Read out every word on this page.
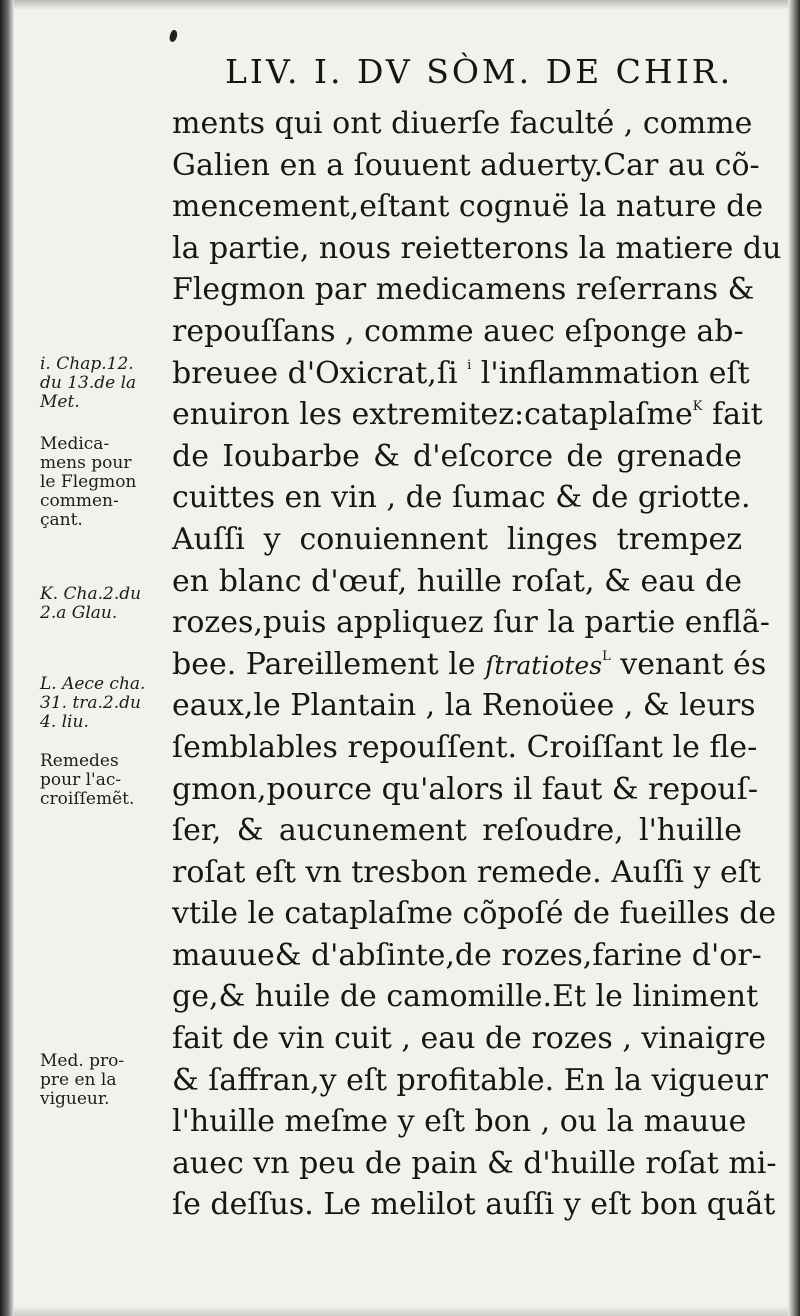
LIV. I. DV SÒM. DE CHIR.
ments qui ont diuerſe faculté , comme
Galien en a ſouuent aduerty.Car au cõ-
mencement,eſtant cognuë la nature de
la partie, nous reietterons la matiere du
Flegmon par medicamens reſerrans &
repouſſans , comme auec eſponge ab-
breuee d'Oxicrat,ſi $^i$ l'inflammation eſt
enuiron les extremitez:cataplaſme$^K$ fait
de Ioubarbe & d'eſcorce de grenade
cuittes en vin , de ſumac & de griotte.
Auſſi y conuiennent linges trempez
en blanc d'œuf, huille roſat, & eau de
rozes,puis appliquez ſur la partie enflã-
bee. Pareillement le ſtratiotes$^L$ venant és
eaux,le Plantain , la Renoüee , & leurs
ſemblables repouſſent. Croiſſant le fle-
gmon,pource qu'alors il faut & repouſ-
ſer, & aucunement reſoudre, l'huille
roſat eſt vn tresbon remede. Auſſi y eſt
vtile le cataplaſme cõpoſé de fueilles de
mauue& d'abſinte,de rozes,farine d'or-
ge,& huile de camomille.Et le liniment
fait de vin cuit , eau de rozes , vinaigre
& ſaffran,y eſt profitable. En la vigueur
l'huille meſme y eſt bon , ou la mauue
auec vn peu de pain & d'huille roſat mi-
ſe deſſus. Le melilot auſſi y eſt bon quãt
i. Chap.12.
du 13.de la
Met.
Medica-
mens pour
le Flegmon
commen-
çant.
K. Cha.2.du
2.a Glau.
L. Aece cha.
31. tra.2.du
4. liu.
Remedes
pour l'ac-
croiſſemẽt.
Med. pro-
pre en la
vigueur.
